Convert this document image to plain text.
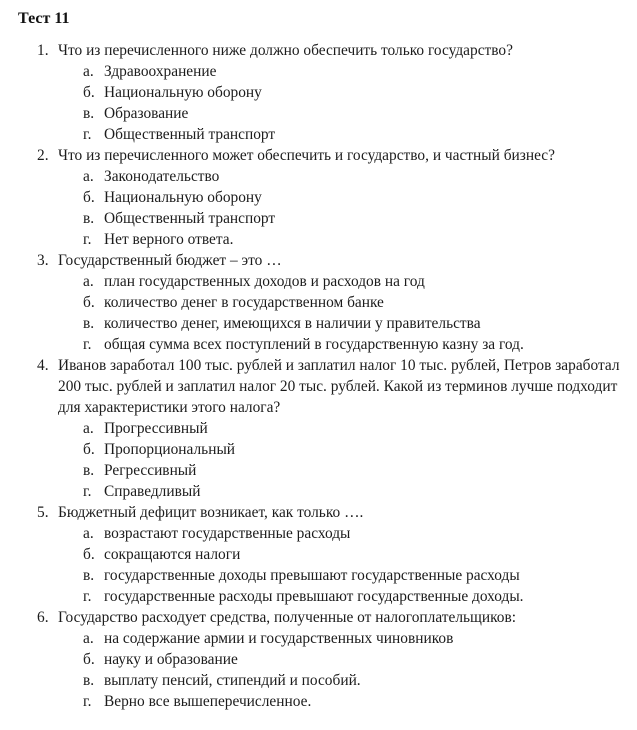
Тест 11
1. Что из перечисленного ниже должно обеспечить только государство?
а. Здравоохранение
б. Национальную оборону
в. Образование
г. Общественный транспорт
2. Что из перечисленного может обеспечить и государство, и частный бизнес?
а. Законодательство
б. Национальную оборону
в. Общественный транспорт
г. Нет верного ответа.
3. Государственный бюджет – это …
а. план государственных доходов и расходов на год
б. количество денег в государственном банке
в. количество денег, имеющихся в наличии у правительства
г. общая сумма всех поступлений в государственную казну за год.
4. Иванов заработал 100 тыс. рублей и заплатил налог 10 тыс. рублей, Петров заработал 200 тыс. рублей и заплатил налог 20 тыс. рублей. Какой из терминов лучше подходит для характеристики этого налога?
а. Прогрессивный
б. Пропорциональный
в. Регрессивный
г. Справедливый
5. Бюджетный дефицит возникает, как только ….
а. возрастают государственные расходы
б. сокращаются налоги
в. государственные доходы превышают государственные расходы
г. государственные расходы превышают государственные доходы.
6. Государство расходует средства, полученные от налогоплательщиков:
а. на содержание армии и государственных чиновников
б. науку и образование
в. выплату пенсий, стипендий и пособий.
г. Верно все вышеперечисленное.
